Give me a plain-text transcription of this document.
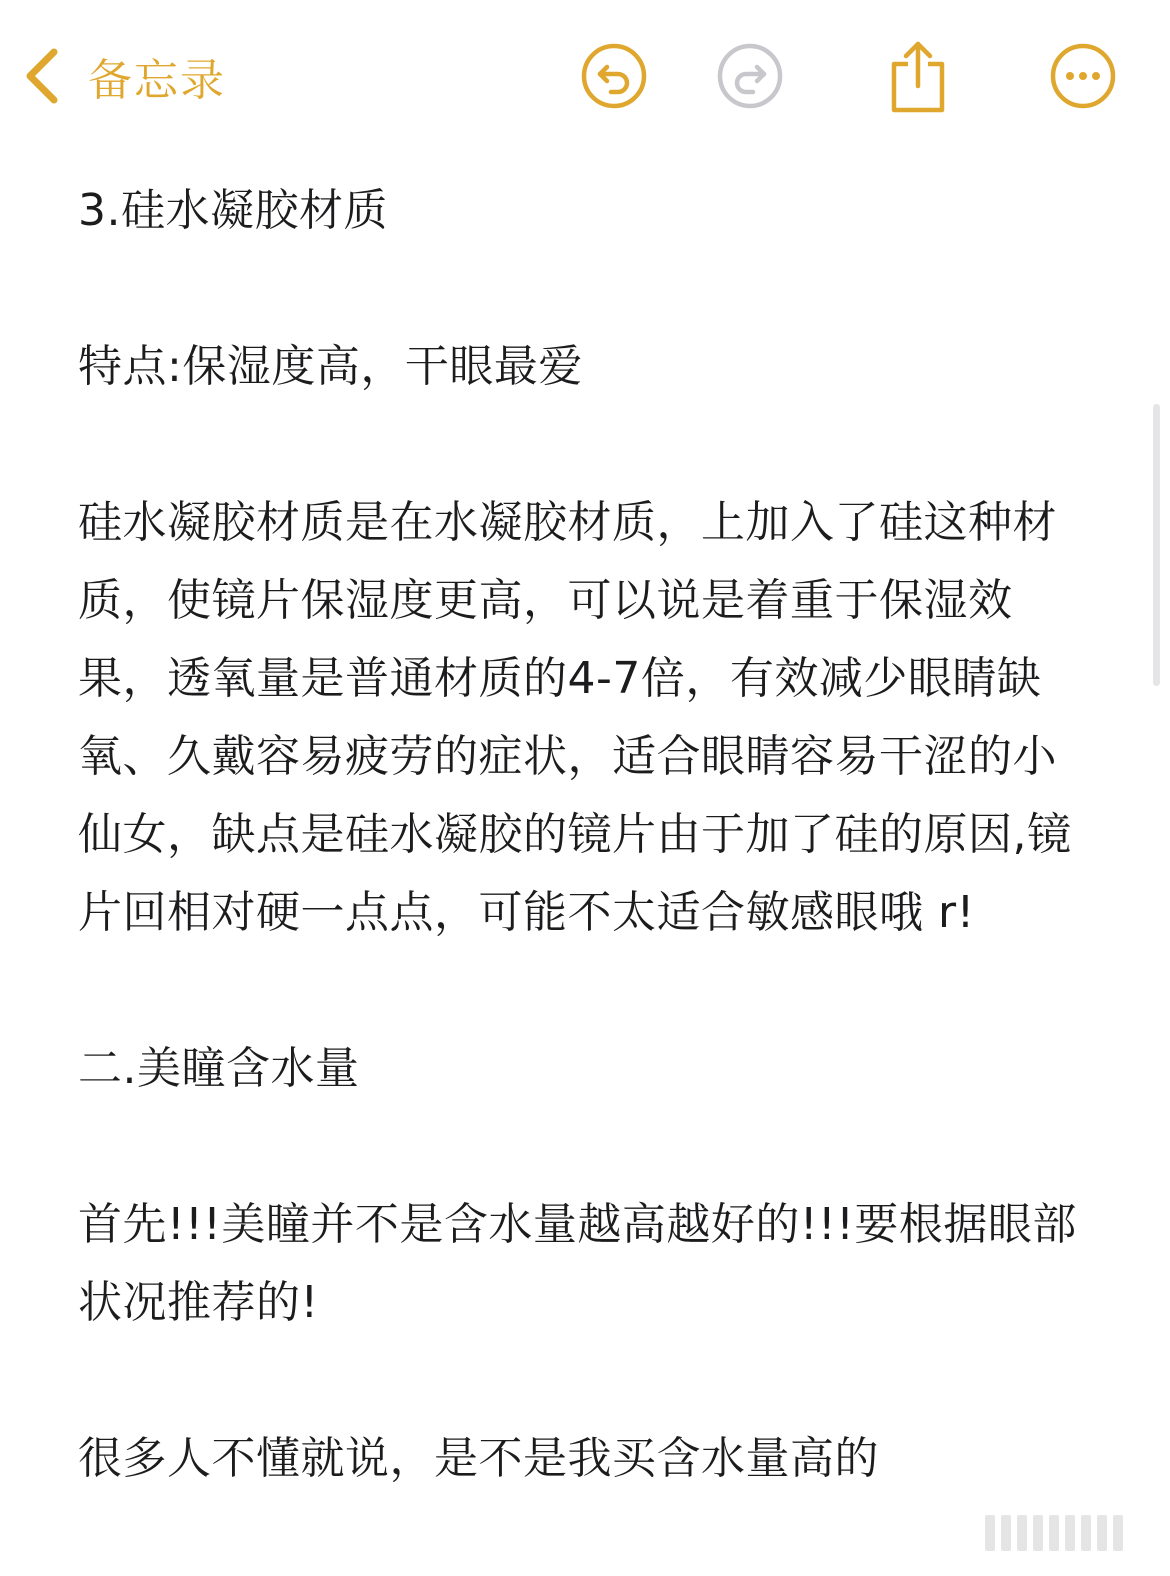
备忘录

3.硅水凝胶材质

特点:保湿度高，干眼最爱

硅水凝胶材质是在水凝胶材质，上加入了硅这种材质，使镜片保湿度更高，可以说是着重于保湿效果，透氧量是普通材质的4-7倍，有效减少眼睛缺氧、久戴容易疲劳的症状，适合眼睛容易干涩的小仙女，缺点是硅水凝胶的镜片由于加了硅的原因,镜片回相对硬一点点，可能不太适合敏感眼哦 r!

二.美瞳含水量

首先!!!美瞳并不是含水量越高越好的!!!要根据眼部状况推荐的!

很多人不懂就说，是不是我买含水量高的
